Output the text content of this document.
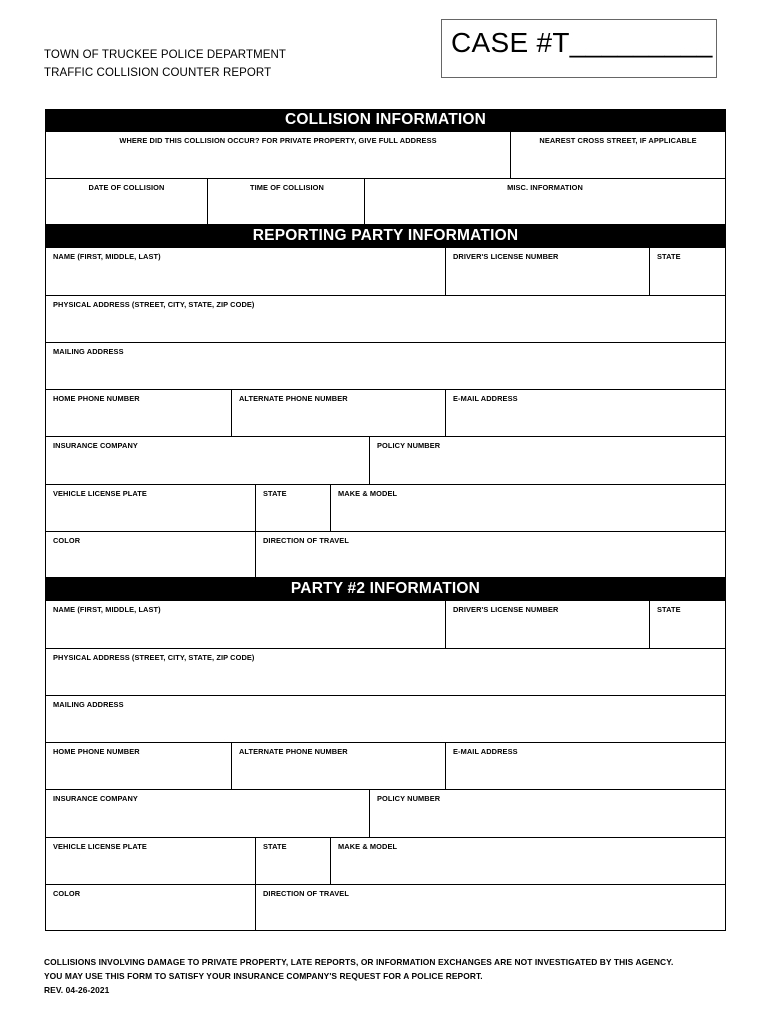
TOWN OF TRUCKEE POLICE DEPARTMENT
TRAFFIC COLLISION COUNTER REPORT
CASE #T_________
COLLISION INFORMATION
WHERE DID THIS COLLISION OCCUR? FOR PRIVATE PROPERTY, GIVE FULL ADDRESS	NEAREST CROSS STREET, IF APPLICABLE
DATE OF COLLISION	TIME OF COLLISION	MISC. INFORMATION
REPORTING PARTY INFORMATION
NAME (FIRST, MIDDLE, LAST)	DRIVER'S LICENSE NUMBER	STATE
PHYSICAL ADDRESS (STREET, CITY, STATE, ZIP CODE)
MAILING ADDRESS
HOME PHONE NUMBER	ALTERNATE PHONE NUMBER	E-MAIL ADDRESS
INSURANCE COMPANY	POLICY NUMBER
VEHICLE LICENSE PLATE	STATE	MAKE & MODEL
COLOR	DIRECTION OF TRAVEL
PARTY #2 INFORMATION
NAME (FIRST, MIDDLE, LAST)	DRIVER'S LICENSE NUMBER	STATE
PHYSICAL ADDRESS (STREET, CITY, STATE, ZIP CODE)
MAILING ADDRESS
HOME PHONE NUMBER	ALTERNATE PHONE NUMBER	E-MAIL ADDRESS
INSURANCE COMPANY	POLICY NUMBER
VEHICLE LICENSE PLATE	STATE	MAKE & MODEL
COLOR	DIRECTION OF TRAVEL
COLLISIONS INVOLVING DAMAGE TO PRIVATE PROPERTY, LATE REPORTS, OR INFORMATION EXCHANGES ARE NOT INVESTIGATED BY THIS AGENCY.
YOU MAY USE THIS FORM TO SATISFY YOUR INSURANCE COMPANY'S REQUEST FOR A POLICE REPORT.
REV. 04-26-2021
